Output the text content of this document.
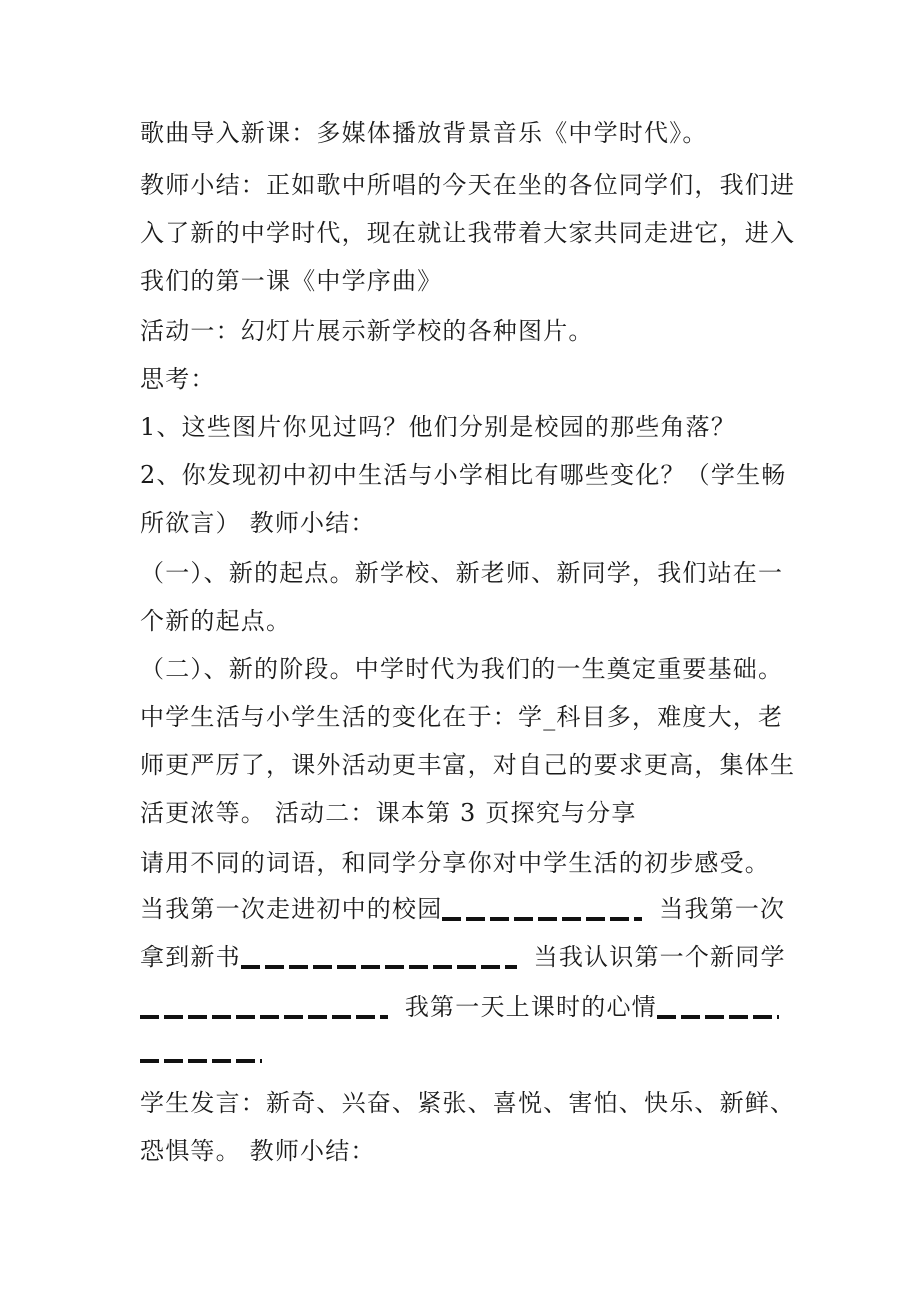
歌曲导入新课：多媒体播放背景音乐《中学时代》。
教师小结：正如歌中所唱的今天在坐的各位同学们，我们进
入了新的中学时代，现在就让我带着大家共同走进它，进入
我们的第一课《中学序曲》
活动一：幻灯片展示新学校的各种图片。
思考：
1、这些图片你见过吗？他们分别是校园的那些角落？
2、你发现初中初中生活与小学相比有哪些变化？（学生畅
所欲言） 教师小结：
（一）、新的起点。新学校、新老师、新同学，我们站在一
个新的起点。
（二）、新的阶段。中学时代为我们的一生奠定重要基础。
中学生活与小学生活的变化在于：学_科目多，难度大，老
师更严厉了，课外活动更丰富，对自己的要求更高，集体生
活更浓等。 活动二：课本第 3 页探究与分享
请用不同的词语，和同学分享你对中学生活的初步感受。
当我第一次走进初中的校园	当我第一次
拿到新书	当我认识第一个新同学
我第一天上课时的心情
学生发言：新奇、兴奋、紧张、喜悦、害怕、快乐、新鲜、
恐惧等。 教师小结：
